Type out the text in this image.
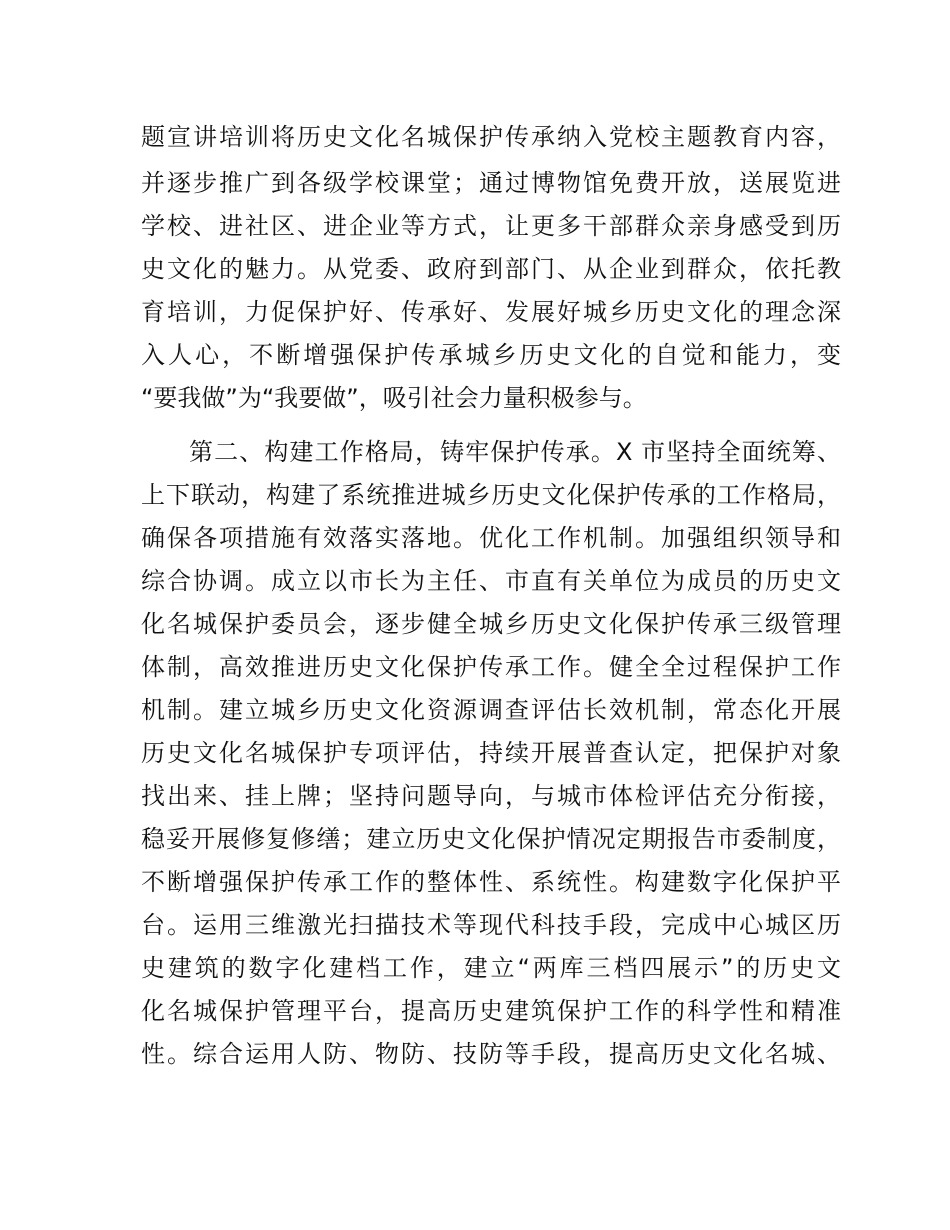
题宣讲培训将历史文化名城保护传承纳入党校主题教育内容，
并逐步推广到各级学校课堂；通过博物馆免费开放，送展览进
学校、进社区、进企业等方式，让更多干部群众亲身感受到历
史文化的魅力。从党委、政府到部门、从企业到群众，依托教
育培训，力促保护好、传承好、发展好城乡历史文化的理念深
入人心，不断增强保护传承城乡历史文化的自觉和能力，变
“要我做”为“我要做”，吸引社会力量积极参与。
第二、构建工作格局，铸牢保护传承。X 市坚持全面统筹、
上下联动，构建了系统推进城乡历史文化保护传承的工作格局，
确保各项措施有效落实落地。优化工作机制。加强组织领导和
综合协调。成立以市长为主任、市直有关单位为成员的历史文
化名城保护委员会，逐步健全城乡历史文化保护传承三级管理
体制，高效推进历史文化保护传承工作。健全全过程保护工作
机制。建立城乡历史文化资源调查评估长效机制，常态化开展
历史文化名城保护专项评估，持续开展普查认定，把保护对象
找出来、挂上牌；坚持问题导向，与城市体检评估充分衔接，
稳妥开展修复修缮；建立历史文化保护情况定期报告市委制度，
不断增强保护传承工作的整体性、系统性。构建数字化保护平
台。运用三维激光扫描技术等现代科技手段，完成中心城区历
史建筑的数字化建档工作，建立“两库三档四展示”的历史文
化名城保护管理平台，提高历史建筑保护工作的科学性和精准
性。综合运用人防、物防、技防等手段，提高历史文化名城、
